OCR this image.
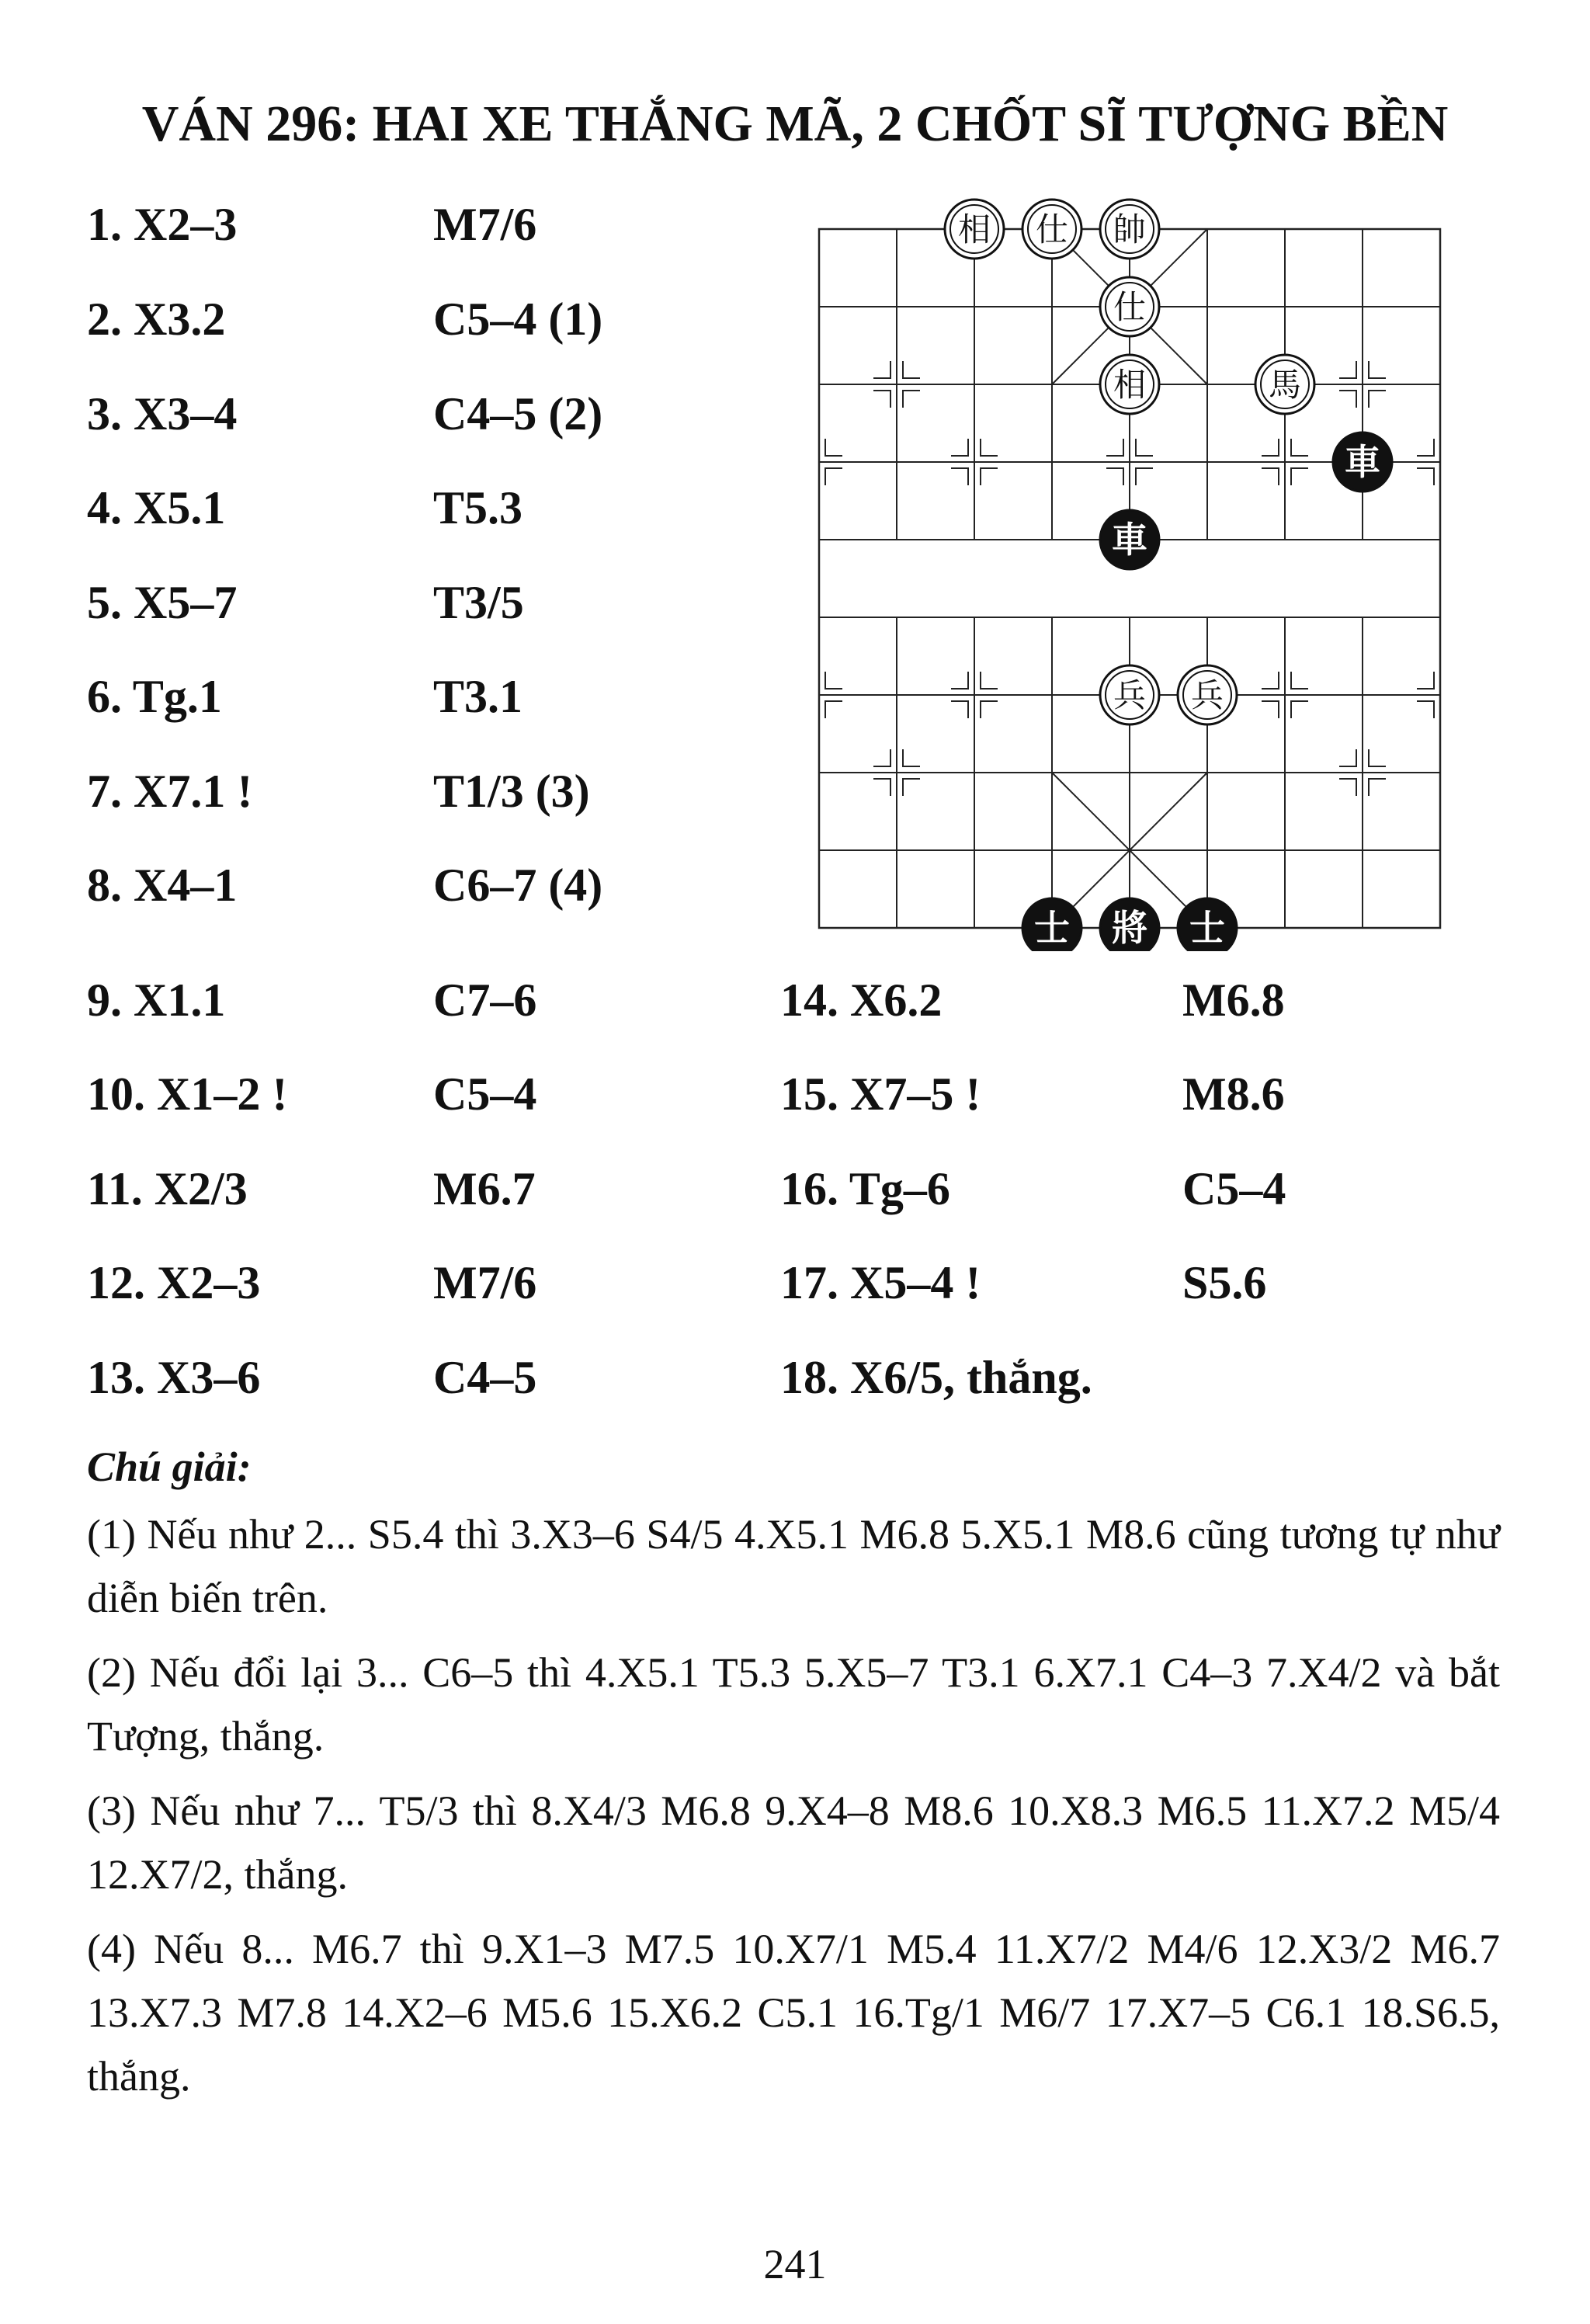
VÁN 296: HAI XE THẮNG MÃ, 2 CHỐT SĨ TƯỢNG BỀN
1. X2–3	M7/6
2. X3.2	C5–4 (1)
3. X3–4	C4–5 (2)
4. X5.1	T5.3
5. X5–7	T3/5
6. Tg.1	T3.1
7. X7.1 !	T1/3 (3)
8. X4–1	C6–7 (4)
9. X1.1	C7–6
10. X1–2 !	C5–4
11. X2/3	M6.7
12. X2–3	M7/6
13. X3–6	C4–5
14. X6.2	M6.8
15. X7–5 !	M8.6
16. Tg–6	C5–4
17. X5–4 !	S5.6
18. X6/5, thắng.
相 仕 帥
仕
相	馬
車
車
兵 兵
士 將 士
Chú giải:
(1) Nếu như 2... S5.4 thì 3.X3–6 S4/5 4.X5.1 M6.8 5.X5.1 M8.6 cũng tương tự như diễn biến trên.
(2) Nếu đổi lại 3... C6–5 thì 4.X5.1 T5.3 5.X5–7 T3.1 6.X7.1 C4–3 7.X4/2 và bắt Tượng, thắng.
(3) Nếu như 7... T5/3 thì 8.X4/3 M6.8 9.X4–8 M8.6 10.X8.3 M6.5 11.X7.2 M5/4 12.X7/2, thắng.
(4) Nếu 8... M6.7 thì 9.X1–3 M7.5 10.X7/1 M5.4 11.X7/2 M4/6 12.X3/2 M6.7 13.X7.3 M7.8 14.X2–6 M5.6 15.X6.2 C5.1 16.Tg/1 M6/7 17.X7–5 C6.1 18.S6.5, thắng.
241
